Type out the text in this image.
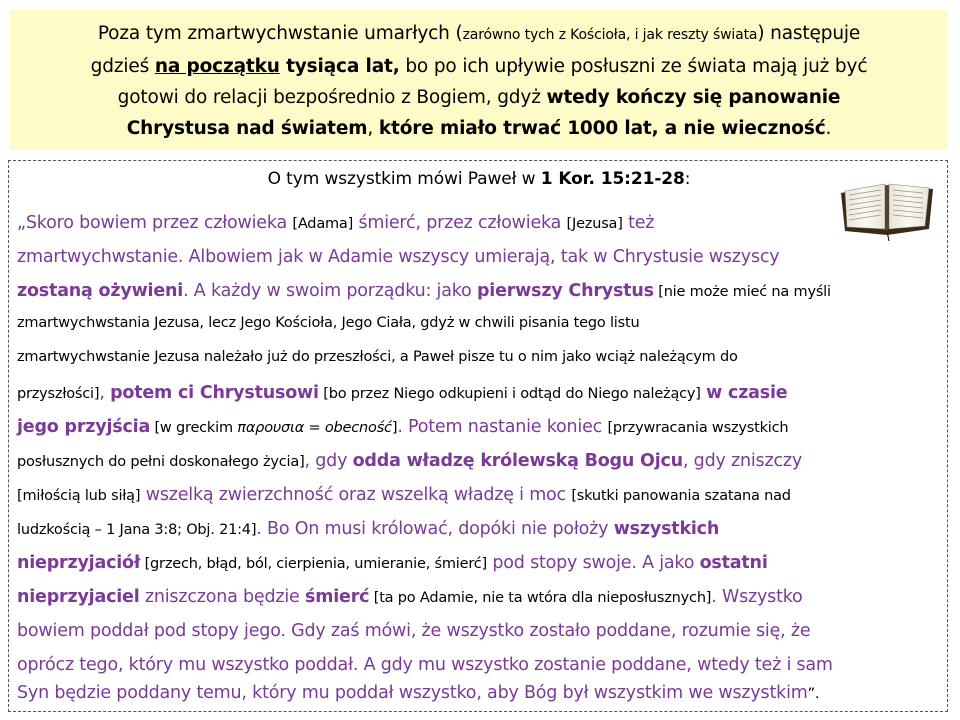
Poza tym zmartwychwstanie umarłych (zarówno tych z Kościoła, i jak reszty świata) następuje
gdzieś na początku tysiąca lat, bo po ich upływie posłuszni ze świata mają już być
gotowi do relacji bezpośrednio z Bogiem, gdyż wtedy kończy się panowanie
Chrystusa nad światem, które miało trwać 1000 lat, a nie wieczność.
O tym wszystkim mówi Paweł w 1 Kor. 15:21-28:
„Skoro bowiem przez człowieka [Adama] śmierć, przez człowieka [Jezusa] też
zmartwychwstanie. Albowiem jak w Adamie wszyscy umierają, tak w Chrystusie wszyscy
zostaną ożywieni. A każdy w swoim porządku: jako pierwszy Chrystus [nie może mieć na myśli
zmartwychwstania Jezusa, lecz Jego Kościoła, Jego Ciała, gdyż w chwili pisania tego listu
zmartwychwstanie Jezusa należało już do przeszłości, a Paweł pisze tu o nim jako wciąż należącym do
przyszłości], potem ci Chrystusowi [bo przez Niego odkupieni i odtąd do Niego należący] w czasie
jego przyjścia [w greckim παρουσια = obecność]. Potem nastanie koniec [przywracania wszystkich
posłusznych do pełni doskonałego życia], gdy odda władzę królewską Bogu Ojcu, gdy zniszczy
[miłością lub siłą] wszelką zwierzchność oraz wszelką władzę i moc [skutki panowania szatana nad
ludzkością – 1 Jana 3:8; Obj. 21:4]. Bo On musi królować, dopóki nie położy wszystkich
nieprzyjaciół [grzech, błąd, ból, cierpienia, umieranie, śmierć] pod stopy swoje. A jako ostatni
nieprzyjaciel zniszczona będzie śmierć [ta po Adamie, nie ta wtóra dla nieposłusznych]. Wszystko
bowiem poddał pod stopy jego. Gdy zaś mówi, że wszystko zostało poddane, rozumie się, że
oprócz tego, który mu wszystko poddał. A gdy mu wszystko zostanie poddane, wtedy też i sam
Syn będzie poddany temu, który mu poddał wszystko, aby Bóg był wszystkim we wszystkim”.
